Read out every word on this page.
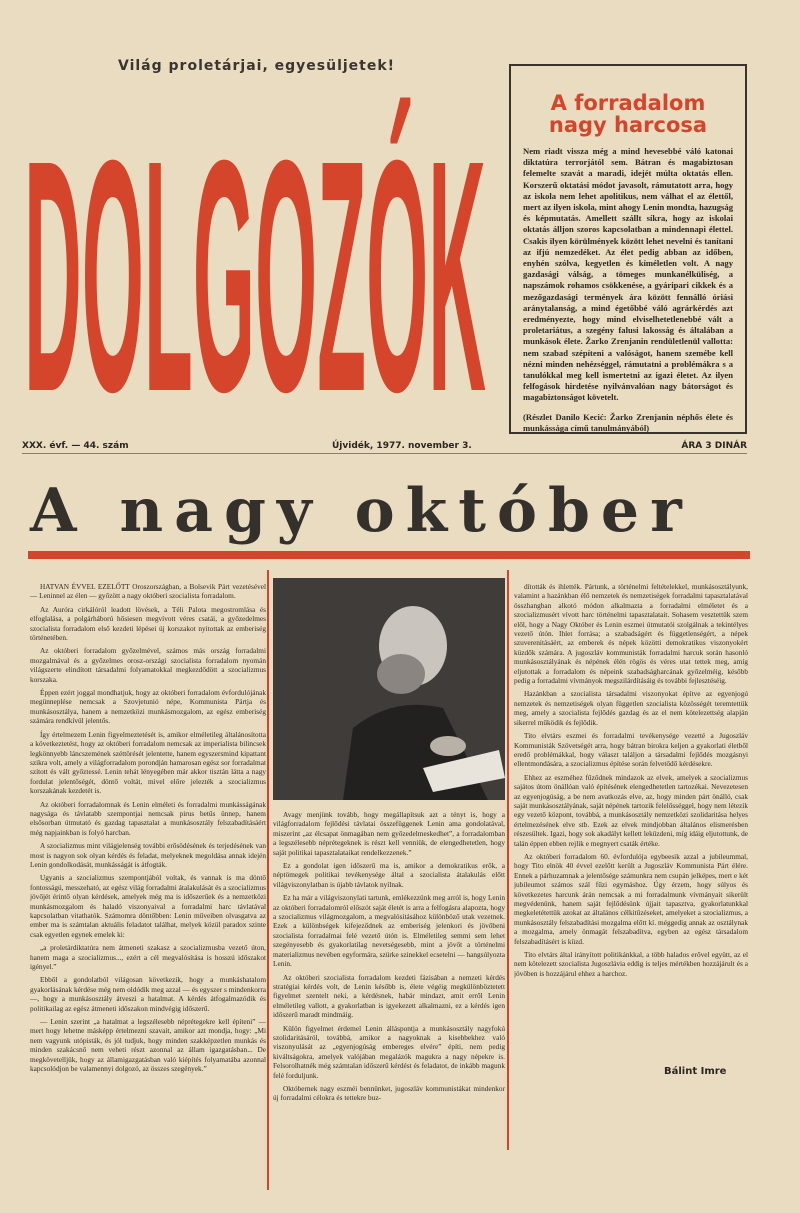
Világ proletárjai, egyesüljetek!
DOLGOZÓK	A forradalom
nagy harcosa

Nem riadt vissza még a mind hevesebbé váló katonai diktatúra terrorjától sem. Bátran és magabiztosan felemelte szavát a maradi, idejét múlta oktatás ellen. Korszerű oktatási módot javasolt, rámutatott arra, hogy az iskola nem lehet apolitikus, nem válhat el az élettől, mert az ilyen iskola, mint ahogy Lenin mondta, hazugság és képmutatás. Amellett szállt síkra, hogy az iskolai oktatás álljon szoros kapcsolatban a mindennapi élettel. Csakis ilyen körülmények között lehet nevelni és tanítani az ifjú nemzedéket. Az élet pedig abban az időben, enyhén szólva, kegyetlen és kíméletlen volt. A nagy gazdasági válság, a tömeges munkanélküliség, a napszámok rohamos csökkenése, a gyáripari cikkek és a mezőgazdasági termények ára között fennálló óriási aránytalanság, a mind égetőbbé váló agrárkérdés azt eredményezte, hogy mind elviselhetetlenebbé vált a proletariátus, a szegény falusi lakosság és általában a munkások élete. Žarko Zrenjanin rendületlenül vallotta: nem szabad szépíteni a valóságot, hanem szemébe kell nézni minden nehézséggel, rámutatni a problémákra s a tanulókkal meg kell ismertetni az igazi életet. Az ilyen felfogások hirdetése nyilvánvalóan nagy bátorságot és magabiztonságot követelt.

(Részlet Danilo Kecić: Žarko Zrenjanin néphős élete és munkássága című tanulmányából)

XXX. évf. — 44. szám	Újvidék, 1977. november 3.	ÁRA 3 DINÁR
A nagy október

HATVAN ÉVVEL EZELŐTT Oroszországban, a Bolsevik Párt vezetésével — Leninnel az élen — győzött a nagy októberi szocialista forradalom.

Az Auróra cirkálóról leadott lövések, a Téli Palota megostromlása és elfoglalása, a polgárháború hősiesen megvívott véres csatái, a győzedelmes szocialista forradalom első kezdeti lépései új korszakot nyitottak az emberiség történetében.

Az októberi forradalom győzelmével, számos más ország forradalmi mozgalmával és a győzelmes orosz-országi szocialista forradalom nyomán világszerte elindított társadalmi folyamatokkal megkezdődött a szocializmus korszaka.

Éppen ezért joggal mondhatjuk, hogy az októberi forradalom évfordulójának megünneplése nemcsak a Szovjetunió népe, Kommunista Pártja és munkásosztálya, hanem a nemzetközi munkásmozgalom, az egész emberiség számára rendkívül jelentős.

Így értelmezem Lenin figyelmeztetését is, amikor elméletileg általánosította a következtetést, hogy az októberi forradalom nemcsak az imperialista bilincsek legkönnyebb láncszemének széttörését jelentette, hanem egyszersmind kipattant szikra volt, amely a világforradalom porondján hamarosan egész sor forradalmat szított és vált győztessé. Lenin tehát lényegében már akkor tisztán látta a nagy fordulat jelentőségét, döntő voltát, mivel előre jelezték a szocializmus korszakának kezdetét is.

Az októberi forradalomnak és Lenin elméleti és forradalmi munkásságának nagysága és távlatabb szempontjai nemcsak pirus betűs ünnep, hanem elsősorban útmutató és gazdag tapasztalat a munkásosztály felszabadításáért még napjainkban is folyó harcban.

A szocializmus mint világjelenség további erősödésének és terjedésének van most is nagyon sok olyan kérdés és feladat, melyeknek megoldása annak idején Lenin gondolkodását, munkásságát is átfogták.

Ugyanis a szocializmus szempontjából voltak, és vannak is ma döntő fontosságú, messzeható, az egész világ forradalmi átalakulását és a szocializmus jövőjét érintő olyan kérdések, amelyek még ma is időszerűek és a nemzetközi munkásmozgalom és haladó viszonyaival a forradalmi harc távlatával kapcsolatban vitathatók. Számomra döntőbben: Lenin műveiben olvasgatva az ember ma is számtalan aktuális feladatot találhat, melyek közül paradox szinte csak egyetlen egynek emelek ki:

„a proletárdiktatúra nem átmeneti szakasz a szocializmusba vezető úton, hanem maga a szocializmus..., ezért a cél megvalósítása is hosszú időszakot igényel.”

Ebből a gondolatból világosan következik, hogy a munkáshatalom gyakorlásának kérdése még nem oldódik meg azzal — és egyszer s mindenkorra —, hogy a munkásosztály átveszi a hatalmat. A kérdés átfogalmazódik és politikailag az egész átmeneti időszakon mindvégig időszerű.

— Lenin szerint „a hatalmat a legszélesebb néprétegekre kell építeni” — mert hogy lehetne másképp értelmezni szavait, amikor azt mondja, hogy: „Mi nem vagyunk utópisták, és jól tudjuk, hogy minden szakképzetlen munkás és minden szakácsnő nem veheti részt azonnal az állam igazgatásban... De megkövetelljük, hogy az államigazgatásban való kiépítés folyamatába azonnal kapcsolódjon be valamennyi dolgozó, az összes szegények.”

Avagy menjünk tovább, hogy megállapítsuk azt a tényt is, hogy a világforradalom fejlődési távlatai összefüggenek Lenin ama gondolatával, miszerint „az élcsapat önmagában nem győzedelmeskedhet”, a forradalomban a legszélesebb néprétegeknek is részt kell venniük, de elengedhetetlen, hogy saját politikai tapasztalataikat rendelkezzenek.”

Ez a gondolat igen időszerű ma is, amikor a demokratikus erők, a néptömegek politikai tevékenysége által a szocialista átalakulás előtt világviszonylatban is újabb távlatok nyílnak.

Ez ha már a világviszonylati tartunk, emlékezzünk meg arról is, hogy Lenin az októberi forradalomról előszót saját életét is arra a felfogásra alapozta, hogy a szocializmus világmozgalom, a megvalósításához különböző utak vezetnek. Ezek a különbségek kifejeződnek az emberiség jelenkori és jövőbeni szocialista forradalmai felé vezető útón is. Elméletileg semmi sem lehet szegényesebb és gyakorlatilag nevetségesebb, mint a jövőt a történelmi materializmus nevében egyformára, szürke szinekkel ecsetelni — hangsúlyozta Lenin.

Az októberi szocialista forradalom kezdeti fázisában a nemzeti kérdés stratégiai kérdés volt, de Lenin később is, élete végéig megkülönböztetett figyelmet szentelt neki, a kérdésnek, habár mindazt, amit erről Lenin elméletileg vallott, a gyakorlatban is igyekezett alkalmazni, ez a kérdés igen időszerű maradt mindmáig.

Külön figyelmet érdemel Lenin álláspontja a munkásosztály nagyfokú szolidaritásáról, továbbá, amikor a nagyoknak a kisebbekhez való viszonyulását az „egyenjogúság embereges elvére” építi, nem pedig kiváltságokra, amelyek valójában megalázók magukra a nagy népekre is. Felsorolhatnék még számtalan időszerű kérdést és feladatot, de inkább magunk felé forduljunk.

Októbernek nagy eszméi bennünket, jugoszláv kommunistákat mindenkor új forradalmi célokra és tettekre buz-

dították és ihlették. Pártunk, a történelmi feltételekkel, munkásosztályunk, valamint a hazánkban élő nemzetek és nemzetiségek forradalmi tapasztalatával összhangban alkotó módon alkalmazta a forradalmi elméletet és a szocializmusért vívott harc történelmi tapasztalatait. Sohasem vesztettük szem elől, hogy a Nagy Október és Lenin eszmei útmutatói szolgálnak a tekintélyes vezető útón. Ihlet forrása; a szabadságért és függetlenségért, a népek szuverenitásáért, az emberek és népek közötti demokratikus viszonyokért küzdők számára. A jugoszláv kommunisták forradalmi harcuk során hasonló munkásosztályának és népének élén rögös és véres utat tettek meg, amíg eljutottak a forradalom és népeink szabadságharcának győzelméig, később pedig a forradalmi vívmányok megszilárdításáig és további fejlesztéséig.

Hazánkban a szocialista társadalmi viszonyokat építve az egyenjogú nemzetek és nemzetiségek olyan független szocialista közösségét teremtettük meg, amely a szocialista fejlődés gazdag és az el nem kötelezettség alapján sikerrel működik és fejlődik.

Tito elvtárs eszmei és forradalmi tevékenysége vezetté a Jugoszláv Kommunisták Szövetségét arra, hogy bátran birokra keljen a gyakorlati életből eredő problémákkal, hogy választ találjon a társadalmi fejlődés mozgásnyi ellentmondására, a szocializmus építése során felvetődő kérdésekre.

Ehhez az eszméhez fűződnek mindazok az elvek, amelyek a szocializmus sajátos útom önállóan való építésének elengedhetetlen tartozékai. Nevezetesen az egyenjogúság, a be nem avatkozás elve, az, hogy minden párt önálló, csak saját munkásosztályának, saját népének tartozik felelősséggel, hogy nem létezik egy vezető központ, továbbá, a munkásosztály nemzetközi szolidaritása helyes értelmezésének elve stb. Ezek az elvek mindjobban általános elismerésben részesültek. Igazi, hogy sok akadályt kellett leküzdeni, míg idáig eljutottunk, de talán éppen ebben rejlik e megnyert csaták értéke.

Az októberi forradalom 60. évfordulója egybeesik azzal a jubileummal, hogy Tito elnök 40 évvel ezelőtt került a Jugoszláv Kommunista Párt élére. Ennek a párhuzamnak a jelentősége számunkra nem csupán jelképes, mert e két jubileumot számos szál fűzi egymáshoz. Úgy érzem, hogy súlyos és következetes harcunk árán nemcsak a mi forradalmunk vívmányait sikerült megvédenünk, hanem saját fejlődésünk újjait tapasztva, gyakorlatunkkal megkeletétettük azokat az általános célkitűzéseket, amelyeket a szocializmus, a munkásosztály felszabadítási mozgalma előtt kí. méggedig annak az osztálynak a mozgalma, amely önmagát felszabadítva, egyben az egész társadalom felszabadításért is küzd.

Tito elvtárs által irányított politikánkkal, a több halados erővel együtt, az el nem kötelezett szocialista Jugoszlávia eddig is teljes mértékben hozzájárult és a jövőben is hozzájárul ehhez a harchoz.

Bálint Imre
